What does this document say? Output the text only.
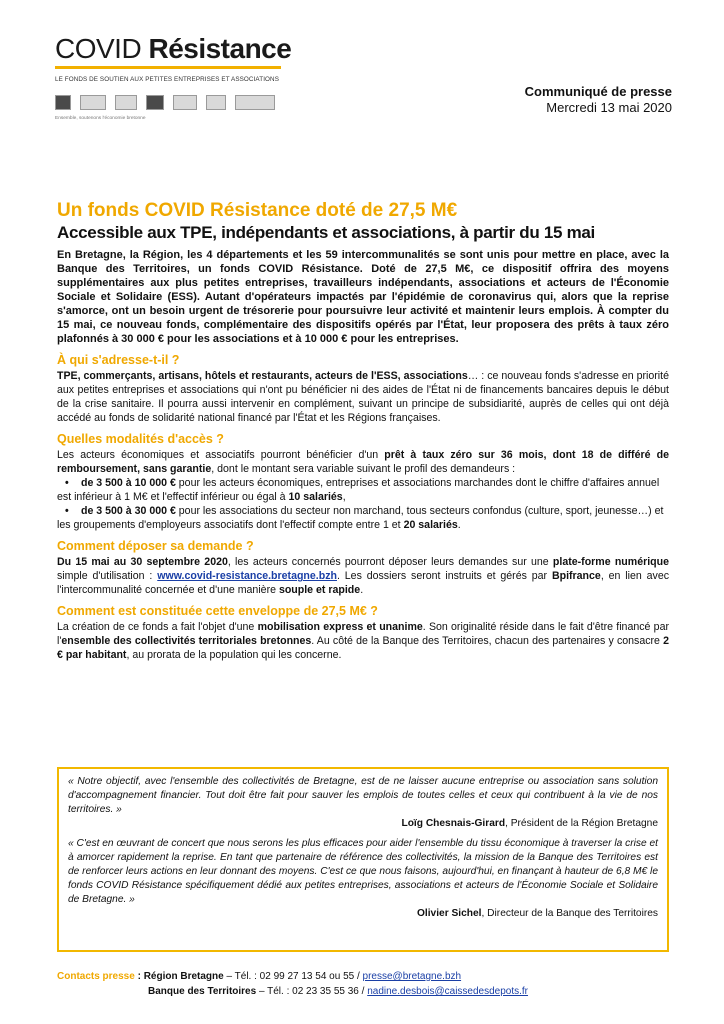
COVID Résistance
LE FONDS DE SOUTIEN AUX PETITES ENTREPRISES ET ASSOCIATIONS
Ensemble, soutenons l'économie bretonne
Communiqué de presse
Mercredi 13 mai 2020
Un fonds COVID Résistance doté de 27,5 M€
Accessible aux TPE, indépendants et associations, à partir du 15 mai

En Bretagne, la Région, les 4 départements et les 59 intercommunalités se sont unis pour mettre en place, avec la Banque des Territoires, un fonds COVID Résistance. Doté de 27,5 M€, ce dispositif offrira des moyens supplémentaires aux plus petites entreprises, travailleurs indépendants, associations et acteurs de l'Économie Sociale et Solidaire (ESS). Autant d'opérateurs impactés par l'épidémie de coronavirus qui, alors que la reprise s'amorce, ont un besoin urgent de trésorerie pour poursuivre leur activité et maintenir leurs emplois. À compter du 15 mai, ce nouveau fonds, complémentaire des dispositifs opérés par l'État, leur proposera des prêts à taux zéro plafonnés à 30 000 € pour les associations et à 10 000 € pour les entreprises.

À qui s'adresse-t-il ?

TPE, commerçants, artisans, hôtels et restaurants, acteurs de l'ESS, associations… : ce nouveau fonds s'adresse en priorité aux petites entreprises et associations qui n'ont pu bénéficier ni des aides de l'État ni de financements bancaires depuis le début de la crise sanitaire. Il pourra aussi intervenir en complément, suivant un principe de subsidiarité, auprès de celles qui ont déjà accédé au fonds de solidarité national financé par l'État et les Régions françaises.

Quelles modalités d'accès ?

Les acteurs économiques et associatifs pourront bénéficier d'un prêt à taux zéro sur 36 mois, dont 18 de différé de remboursement, sans garantie, dont le montant sera variable suivant le profil des demandeurs :

• de 3 500 à 10 000 € pour les acteurs économiques, entreprises et associations marchandes dont le chiffre d'affaires annuel est inférieur à 1 M€ et l'effectif inférieur ou égal à 10 salariés,

• de 3 500 à 30 000 € pour les associations du secteur non marchand, tous secteurs confondus (culture, sport, jeunesse…) et les groupements d'employeurs associatifs dont l'effectif compte entre 1 et 20 salariés.

Comment déposer sa demande ?

Du 15 mai au 30 septembre 2020, les acteurs concernés pourront déposer leurs demandes sur une plate-forme numérique simple d'utilisation : www.covid-resistance.bretagne.bzh. Les dossiers seront instruits et gérés par Bpifrance, en lien avec l'intercommunalité concernée et d'une manière souple et rapide.

Comment est constituée cette enveloppe de 27,5 M€ ?

La création de ce fonds a fait l'objet d'une mobilisation express et unanime. Son originalité réside dans le fait d'être financé par l'ensemble des collectivités territoriales bretonnes. Au côté de la Banque des Territoires, chacun des partenaires y consacre 2 € par habitant, au prorata de la population qui les concerne.

« Notre objectif, avec l'ensemble des collectivités de Bretagne, est de ne laisser aucune entreprise ou association sans solution d'accompagnement financier. Tout doit être fait pour sauver les emplois de toutes celles et ceux qui contribuent à la vie de nos territoires. »

Loïg Chesnais-Girard, Président de la Région Bretagne

« C'est en œuvrant de concert que nous serons les plus efficaces pour aider l'ensemble du tissu économique à traverser la crise et à amorcer rapidement la reprise. En tant que partenaire de référence des collectivités, la mission de la Banque des Territoires est de renforcer leurs actions en leur donnant des moyens. C'est ce que nous faisons, aujourd'hui, en finançant à hauteur de 6,8 M€ le fonds COVID Résistance spécifiquement dédié aux petites entreprises, associations et acteurs de l'Économie Sociale et Solidaire de Bretagne. »

Olivier Sichel, Directeur de la Banque des Territoires

Contacts presse : Région Bretagne – Tél. : 02 99 27 13 54 ou 55 / presse@bretagne.bzh
Banque des Territoires – Tél. : 02 23 35 55 36 / nadine.desbois@caissedesdepots.fr
